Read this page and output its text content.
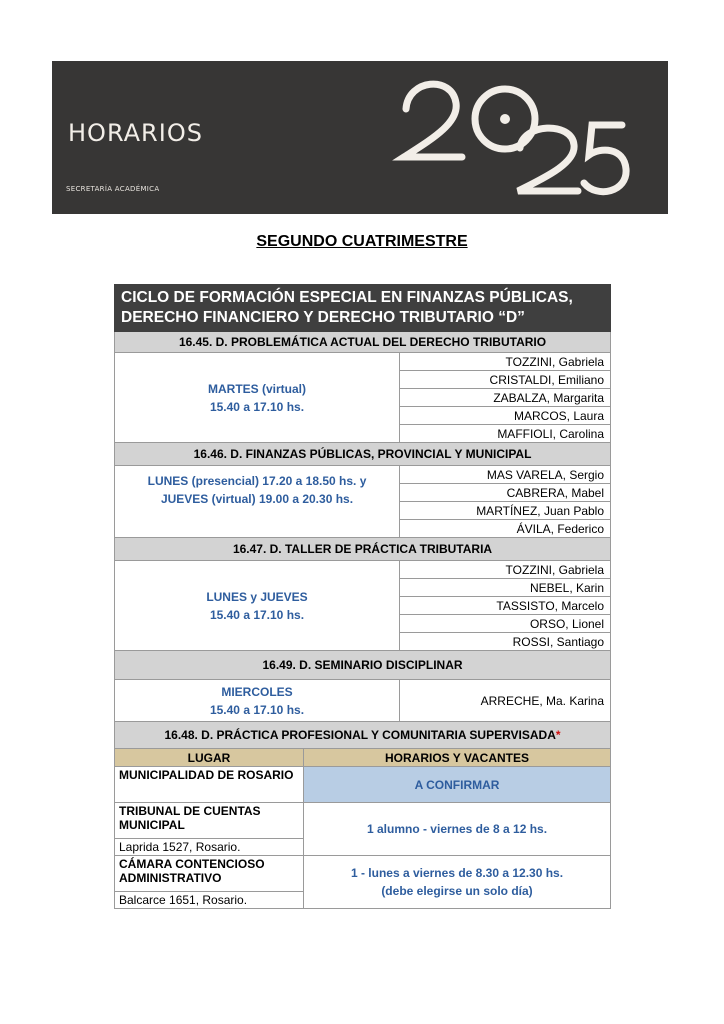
HORARIOS
SECRETARÍA ACADÉMICA
SEGUNDO CUATRIMESTRE
CICLO DE FORMACIÓN ESPECIAL EN FINANZAS PÚBLICAS,
DERECHO FINANCIERO Y DERECHO TRIBUTARIO “D”		

16.45. D. PROBLEMÁTICA ACTUAL DEL DERECHO TRIBUTARIO		

MARTES (virtual)
15.40 a 17.10 hs.		TOZZINI, Gabriela
		CRISTALDI, Emiliano
		ZABALZA, Margarita
		MARCOS, Laura
		MAFFIOLI, Carolina
16.46. D. FINANZAS PÚBLICAS, PROVINCIAL Y MUNICIPAL		

LUNES (presencial) 17.20 a 18.50 hs. y
JUEVES (virtual) 19.00 a 20.30 hs.		MAS VARELA, Sergio
		CABRERA, Mabel
		MARTÍNEZ, Juan Pablo
		ÁVILA, Federico
16.47. D. TALLER DE PRÁCTICA TRIBUTARIA		

LUNES y JUEVES
15.40 a 17.10 hs.		TOZZINI, Gabriela
		NEBEL, Karin
		TASSISTO, Marcelo
		ORSO, Lionel
		ROSSI, Santiago
16.49. D. SEMINARIO DISCIPLINAR		

MIERCOLES
15.40 a 17.10 hs.		ARRECHE, Ma. Karina
16.48. D. PRÁCTICA PROFESIONAL Y COMUNITARIA SUPERVISADA*		
LUGAR	HORARIOS Y VACANTES	
MUNICIPALIDAD DE ROSARIO	A CONFIRMAR	
TRIBUNAL DE CUENTAS MUNICIPAL	1 alumno - viernes de 8 a 12 hs.	
Laprida 1527, Rosario.		
CÁMARA CONTENCIOSO ADMINISTRATIVO	1 - lunes a viernes de 8.30 a 12.30 hs.
(debe elegirse un solo día)	

Balcarce 1651, Rosario.		
